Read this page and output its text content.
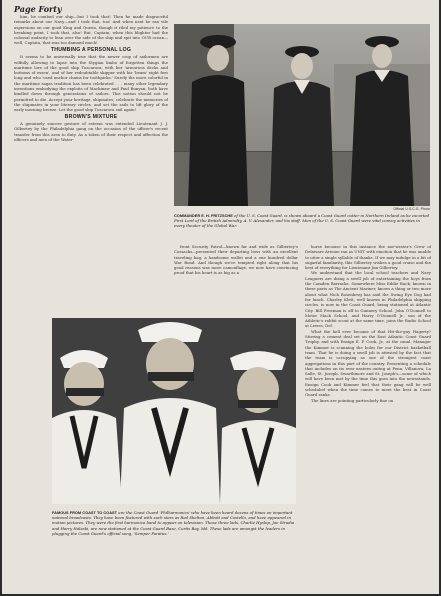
Page Forty

him, he combed our ship—but I took that! Then he made disgraceful remarks about our Navy—and I took that, too! And when next he ran vile aspersions on our good King and Queen, though it riled my patience to the breaking point, I took that, also! But, Captain, when this blighter had the colossal audacity to lean over the side of the ship and spit into OUR ocean— well, Captain, that was too damned much!

THUMBING A PERSONAL LOG

It seems to be universally true that the newer crop of sailormen are wilfully allowing to lapse into the Stygian limbo of forgotten things the maritime lore of the good ship Tuscarora, with her 'armorous decks and bottoms of essen', and of her redoubtable skipper with his 'beam' eight feet long and who 'used anchor chains for toothpicks.' Surely the more colorful in the maritime sagas tradition has been celebrated . . . many other legendary inventions embodying the exploits of Mackinaw and Paul Bunyan, both have kindled down through generations of sailors. This notion should not be permitted to die. Accept your heritage, shipmates; celebrate the memories of the shipmates in your literary circles, and set the sails to lift glory of the early morning breeze. Let the good ship Tuscarora sail again!

BROWN'S MIXTURE

A genuinely sincere gesture of esteem was extended Lieutenant J. J. Gilbertey by the Philadelphia gang on the occasion of the officer's recent transfer from this area to duty. As a token of their respect and affection the officers and men of the Water-

Official U.S.C.G. Photo
COMMANDER E. H. FRITZSCHE of the U. S. Coast Guard, is shown aboard a Coast Guard cutter in Northern Ireland as he escorted First Lord of the British Admiralty, A. V. Alexander, and his staff. Men of the U. S. Coast Guard were vital convoy activities in every theater of the Global War.

front Security Patrol—known far and wide as Gilbertey's Cossacks—presented their departing boss with an excellent traveling bag, a handsome wallet and a one hundred dollar War Bond. And though we're tempted right along that his good reasons was more camouflage, we now have convincing proof that his heart is as big as a

horse because in this instance the nor'wester's Crew of Delaware Avenue ran as UNIT with emotion that he was unable to utter a single syllable of thanks. If we may indulge in a bit of sugarful familiarity, this Gilbertey wishes a good cruise and the best of everything for Lieutenant Jim Gilbertey.

We understand that the local school teachers and Navy Leaguers are doing a swell job of entertaining the boys from the Camden Barracks. Somewhere Miss Eddie Ruck, known in these parts as The Ancient Mariner, knows a thing or two more about what Nick Rosenberg has said the Swing Eye Dog had for lunch. Charley Klett, well known in Philadelphia shipping circles, is now in the Coast Guard, being stationed at Atlantic City. Bill Freeman is off to Gunnery School. John O'Donnell to Motor Mack School, and Harry O'Donnell Jr., son of the Athletic's rabbit scout at the same time, joins the Radio School at Lewes, Del.

What the hell ever became of that Hit-the-guy Hagerty? Stirring a cement deal set on the East Atlantic Coast Guard Trophy, and with Ensign E. P. Cook, Jr., at the canal. Manager the Kimmer is scanning the holes for our District basketball team. That he is doing a swell job is attested by the fact that the team is occupying as one of the strongest coast aggregations in this part of the country. Presenting a schedule that includes on its ever eastern outing at Penn, Villanova, La Salle, St. Joseph, Swarthmore and St. Joseph's—some of which will have been met by the time this goes into the newsstands. Ensign Cook and Kimmer feel that their gang will be well scheduled when the time comes to meet the best in Coast Guard ranks.

The lines are pointing particularly fine on

FAMOUS FROM COAST TO COAST are the Coast Guard 'Philharmonics' who have been heard dozens of times on important national broadcasts. They have been featured with such stars as Red Skelton, Abbott and Costello, and have appeared in motion pictures. They were the first harmonica band to appear on television. Those three lads, Charlie Hyslop, Joe Stradia and Harry Halaski, are now stationed at the Coast Guard Base, Curtis Bay, Md. These lads are amongst the leaders in plugging the Coast Guard's official song, 'Semper Paratus.'
